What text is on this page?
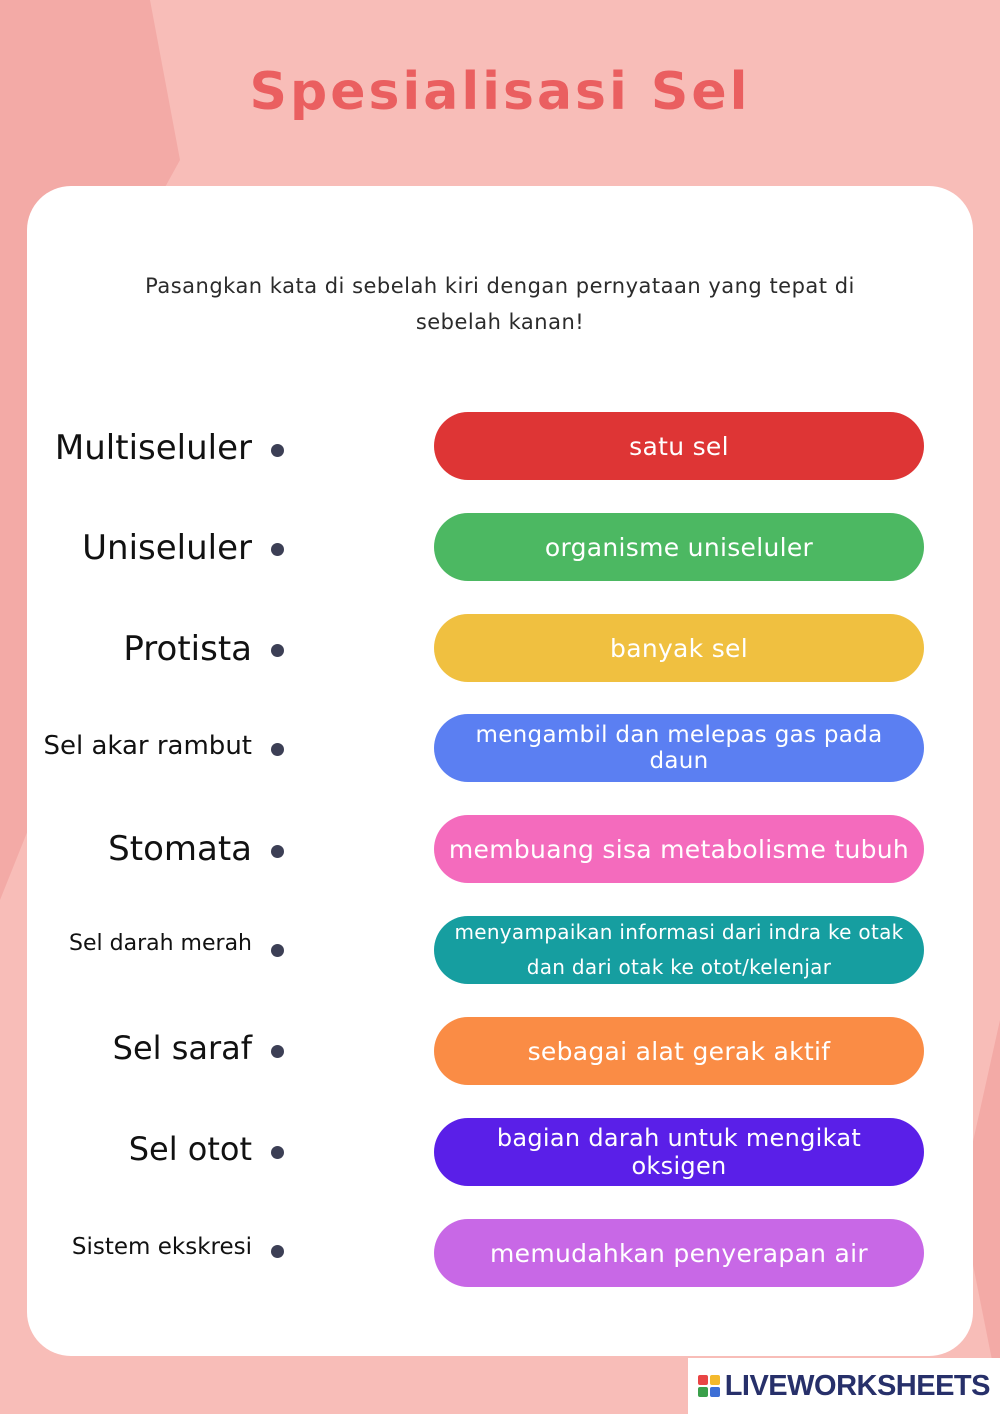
Spesialisasi Sel
Pasangkan kata di sebelah kiri dengan pernyataan yang tepat di sebelah kanan!
Multiseluler
Uniseluler
Protista
Sel akar rambut
Stomata
Sel darah merah
Sel saraf
Sel otot
Sistem ekskresi
satu sel
organisme uniseluler
banyak sel
mengambil dan melepas gas pada daun
membuang sisa metabolisme tubuh
menyampaikan informasi dari indra ke otak dan dari otak ke otot/kelenjar
sebagai alat gerak aktif
bagian darah untuk mengikat oksigen
memudahkan penyerapan air
LIVEWORKSHEETS
